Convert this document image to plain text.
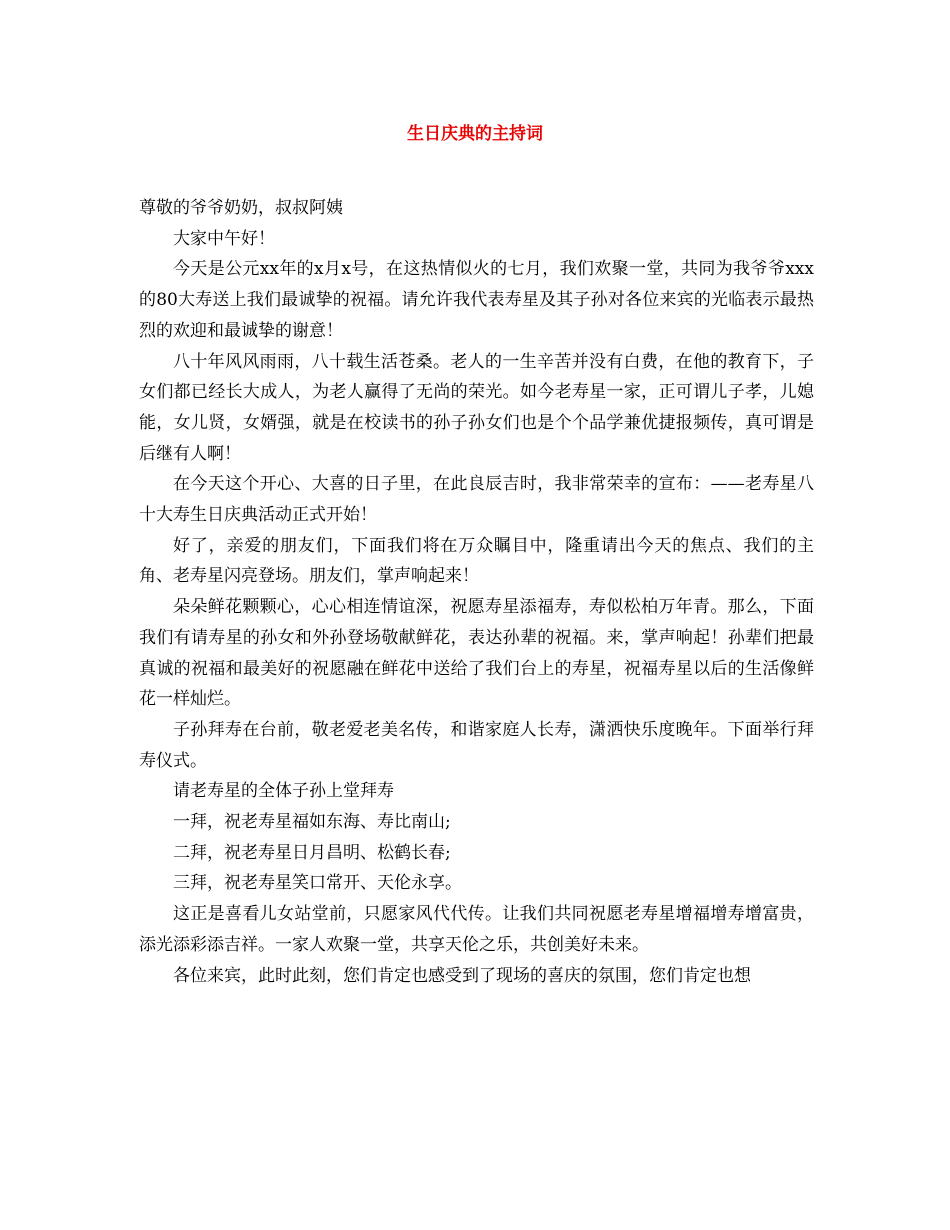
生日庆典的主持词

尊敬的爷爷奶奶，叔叔阿姨

大家中午好！

今天是公元xx年的x月x号，在这热情似火的七月，我们欢聚一堂，共同为我爷爷xxx的80大寿送上我们最诚挚的祝福。请允许我代表寿星及其子孙对各位来宾的光临表示最热烈的欢迎和最诚挚的谢意！

八十年风风雨雨，八十载生活苍桑。老人的一生辛苦并没有白费，在他的教育下，子女们都已经长大成人，为老人赢得了无尚的荣光。如今老寿星一家，正可谓儿子孝，儿媳能，女儿贤，女婿强，就是在校读书的孙子孙女们也是个个品学兼优捷报频传，真可谓是后继有人啊！

在今天这个开心、大喜的日子里，在此良辰吉时，我非常荣幸的宣布：——老寿星八十大寿生日庆典活动正式开始！

好了，亲爱的朋友们，下面我们将在万众瞩目中，隆重请出今天的焦点、我们的主角、老寿星闪亮登场。朋友们，掌声响起来！

朵朵鲜花颗颗心，心心相连情谊深，祝愿寿星添福寿，寿似松柏万年青。那么，下面我们有请寿星的孙女和外孙登场敬献鲜花，表达孙辈的祝福。来，掌声响起！孙辈们把最真诚的祝福和最美好的祝愿融在鲜花中送给了我们台上的寿星，祝福寿星以后的生活像鲜花一样灿烂。

子孙拜寿在台前，敬老爱老美名传，和谐家庭人长寿，潇洒快乐度晚年。下面举行拜寿仪式。

请老寿星的全体子孙上堂拜寿

一拜，祝老寿星福如东海、寿比南山;

二拜，祝老寿星日月昌明、松鹤长春;

三拜，祝老寿星笑口常开、天伦永享。

这正是喜看儿女站堂前，只愿家风代代传。让我们共同祝愿老寿星增福增寿增富贵，添光添彩添吉祥。一家人欢聚一堂，共享天伦之乐，共创美好未来。

各位来宾，此时此刻，您们肯定也感受到了现场的喜庆的氛围，您们肯定也想
